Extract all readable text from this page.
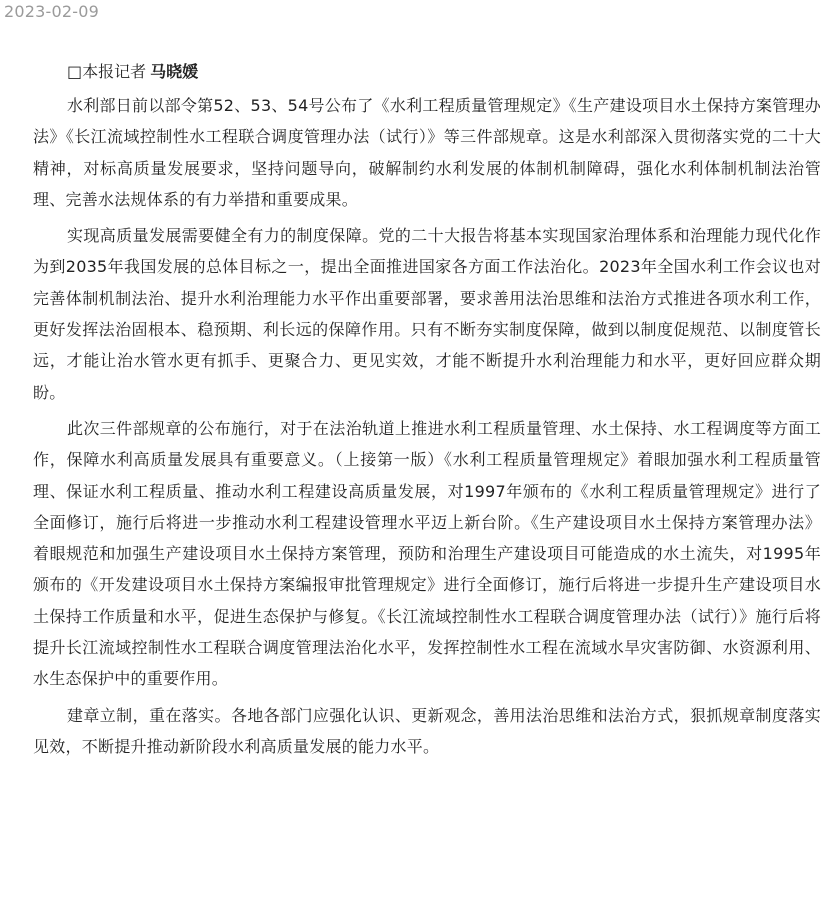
2023-02-09

□本报记者 马晓媛

水利部日前以部令第52、53、54号公布了《水利工程质量管理规定》《生产建设项目水土保持方案管理办法》《长江流域控制性水工程联合调度管理办法（试行）》等三件部规章。这是水利部深入贯彻落实党的二十大精神，对标高质量发展要求，坚持问题导向，破解制约水利发展的体制机制障碍，强化水利体制机制法治管理、完善水法规体系的有力举措和重要成果。

实现高质量发展需要健全有力的制度保障。党的二十大报告将基本实现国家治理体系和治理能力现代化作为到2035年我国发展的总体目标之一，提出全面推进国家各方面工作法治化。2023年全国水利工作会议也对完善体制机制法治、提升水利治理能力水平作出重要部署，要求善用法治思维和法治方式推进各项水利工作，更好发挥法治固根本、稳预期、利长远的保障作用。只有不断夯实制度保障，做到以制度促规范、以制度管长远，才能让治水管水更有抓手、更聚合力、更见实效，才能不断提升水利治理能力和水平，更好回应群众期盼。

此次三件部规章的公布施行，对于在法治轨道上推进水利工程质量管理、水土保持、水工程调度等方面工作，保障水利高质量发展具有重要意义。（上接第一版）《水利工程质量管理规定》着眼加强水利工程质量管理、保证水利工程质量、推动水利工程建设高质量发展，对1997年颁布的《水利工程质量管理规定》进行了全面修订，施行后将进一步推动水利工程建设管理水平迈上新台阶。《生产建设项目水土保持方案管理办法》着眼规范和加强生产建设项目水土保持方案管理，预防和治理生产建设项目可能造成的水土流失，对1995年颁布的《开发建设项目水土保持方案编报审批管理规定》进行全面修订，施行后将进一步提升生产建设项目水土保持工作质量和水平，促进生态保护与修复。《长江流域控制性水工程联合调度管理办法（试行）》施行后将提升长江流域控制性水工程联合调度管理法治化水平，发挥控制性水工程在流域水旱灾害防御、水资源利用、水生态保护中的重要作用。

建章立制，重在落实。各地各部门应强化认识、更新观念，善用法治思维和法治方式，狠抓规章制度落实见效，不断提升推动新阶段水利高质量发展的能力水平。
